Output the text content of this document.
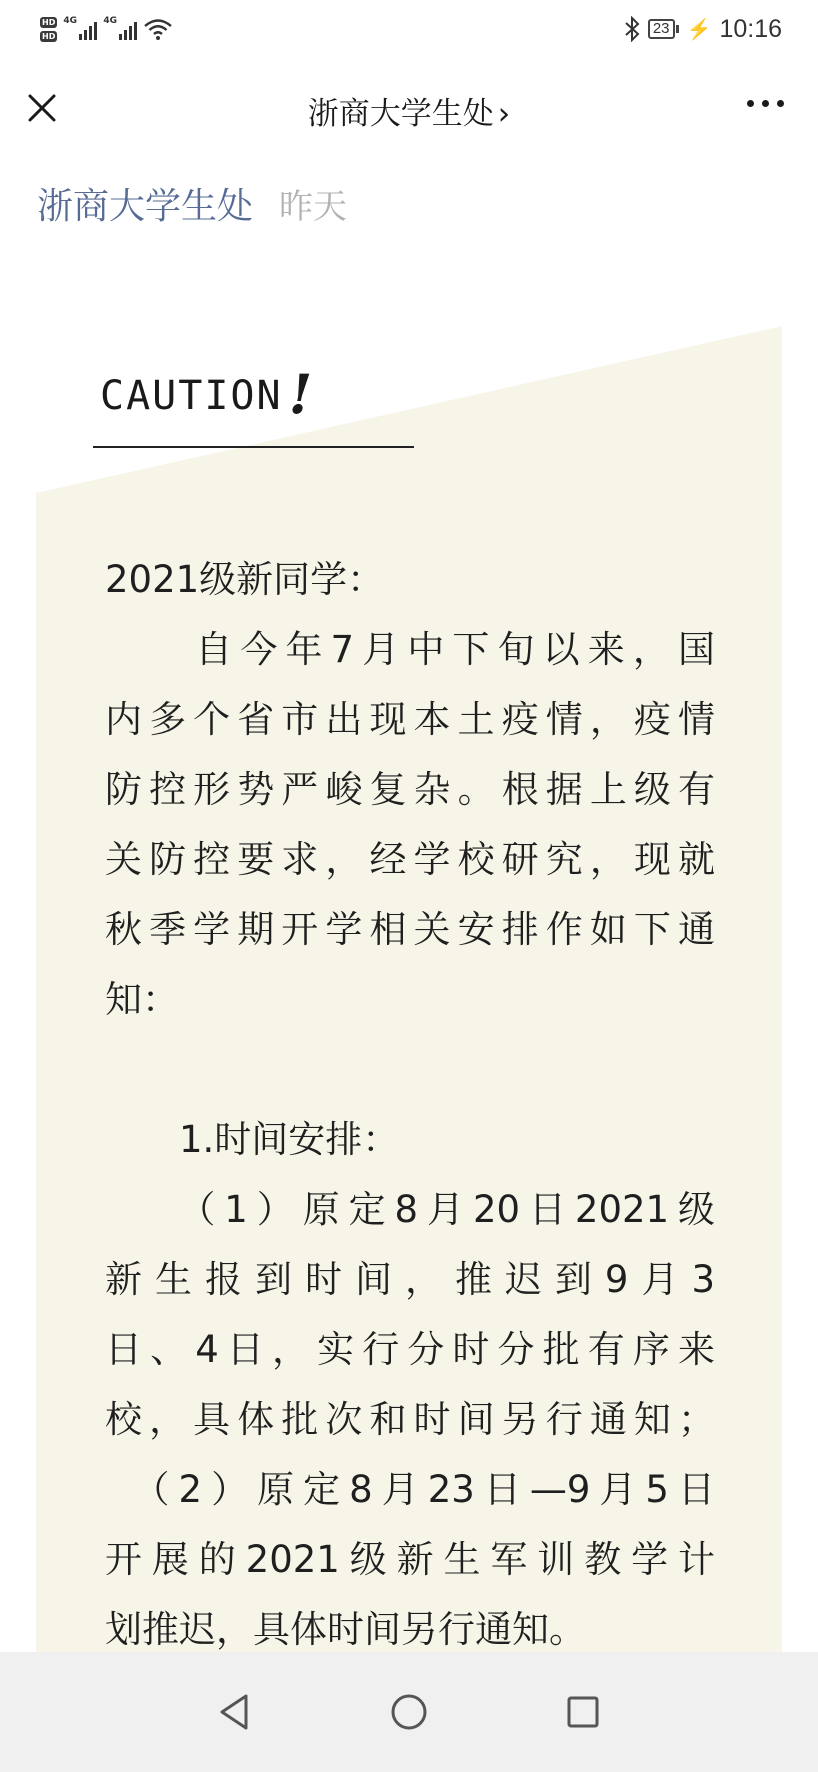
HD
HD
4G	4G	23 ⚡ 10:16
浙商大学生处 ›
浙商大学生处 昨天
CAUTION !
2021级新同学：
　　自今年7月中下旬以来，国
内多个省市出现本土疫情，疫情
防控形势严峻复杂。根据上级有
关防控要求，经学校研究，现就
秋季学期开学相关安排作如下通
知：
　　1.时间安排：
　　（1）原定8月20日2021级
新生报到时间，推迟到9月3
日、4日，实行分时分批有序来
校，具体批次和时间另行通知；
　（2）原定8月23日—9月5日
开展的2021级新生军训教学计
划推迟，具体时间另行通知。
